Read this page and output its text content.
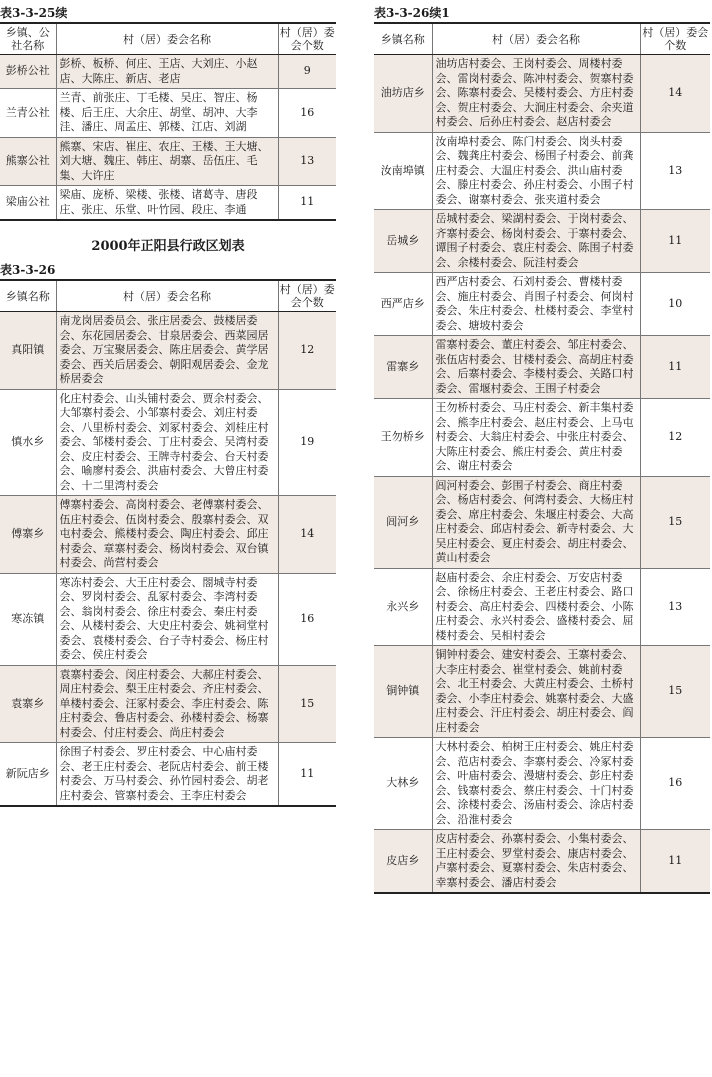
表3-3-25续
乡镇、公社名称	村（居）委会名称	村（居）委会个数
彭桥公社	彭桥、板桥、何庄、王店、大刘庄、小赵店、大陈庄、新店、老店	9
兰青公社	兰青、前张庄、丁毛楼、吴庄、智庄、杨楼、后王庄、大余庄、胡堂、胡冲、大李洼、潘庄、周孟庄、郭楼、江店、刘湖	16
熊寨公社	熊寨、宋店、崔庄、农庄、王楼、王大塘、刘大塘、魏庄、韩庄、胡寨、岳伍庄、毛集、大许庄	13
梁庙公社	梁庙、庞桥、梁楼、张楼、诸葛寺、唐段庄、张庄、乐堂、叶竹园、段庄、李通	11
2000年正阳县行政区划表
表3-3-26
乡镇名称	村（居）委会名称	村（居）委会个数
真阳镇	南龙岗居委员会、张庄居委会、鼓楼居委会、东花园居委会、甘泉居委会、西菜园居委会、万宝聚居委会、陈庄居委会、黄学居委会、西关后居委会、朝阳观居委会、金龙桥居委会	12
慎水乡	化庄村委会、山头铺村委会、贾余村委会、大邹寨村委会、小邹寨村委会、刘庄村委会、八里桥村委会、刘冢村委会、刘桂庄村委会、邹楼村委会、丁庄村委会、吴湾村委会、皮庄村委会、王牌寺村委会、台天村委会、喻廖村委会、洪庙村委会、大曾庄村委会、十二里湾村委会	19
傅寨乡	傅寨村委会、高岗村委会、老傅寨村委会、伍庄村委会、伍岗村委会、殷寨村委会、双屯村委会、熊楼村委会、陶庄村委会、邱庄村委会、章寨村委会、杨岗村委会、双台镇村委会、尚营村委会	14
寒冻镇	寒冻村委会、大王庄村委会、閤城寺村委会、罗岗村委会、乱冢村委会、李湾村委会、翁岗村委会、徐庄村委会、秦庄村委会、从楼村委会、大史庄村委会、姚祠堂村委会、袁楼村委会、台子寺村委会、杨庄村委会、侯庄村委会	16
袁寨乡	袁寨村委会、闵庄村委会、大郝庄村委会、周庄村委会、梨王庄村委会、齐庄村委会、单楼村委会、汪冢村委会、李庄村委会、陈庄村委会、鲁店村委会、孙楼村委会、杨寨村委会、付庄村委会、尚庄村委会	15
新阮店乡	徐围子村委会、罗庄村委会、中心庙村委会、老王庄村委会、老阮店村委会、前王楼村委会、万马村委会、孙竹园村委会、胡老庄村委会、管寨村委会、王李庄村委会	11
表3-3-26续1
乡镇名称	村（居）委会名称	村（居）委会个数
油坊店乡	油坊店村委会、王岗村委会、周楼村委会、雷岗村委会、陈冲村委会、贺寨村委会、陈寨村委会、吴楼村委会、方庄村委会、贺庄村委会、大涧庄村委会、余夹道村委会、后孙庄村委会、赵店村委会	14
汝南埠镇	汝南埠村委会、陈门村委会、岗头村委会、魏龚庄村委会、杨围子村委会、前龚庄村委会、大温庄村委会、洪山庙村委会、滕庄村委会、孙庄村委会、小围子村委会、谢寨村委会、张夹道村委会	13
岳城乡	岳城村委会、梁湖村委会、于岗村委会、齐寨村委会、杨岗村委会、于寨村委会、谭围子村委会、袁庄村委会、陈围子村委会、余楼村委会、阮洼村委会	11
西严店乡	西严店村委会、石刘村委会、曹楼村委会、施庄村委会、肖围子村委会、何岗村委会、朱庄村委会、杜楼村委会、李堂村委会、塘坡村委会	10
雷寨乡	雷寨村委会、董庄村委会、邹庄村委会、张伍店村委会、甘楼村委会、高胡庄村委会、后寨村委会、李楼村委会、关路口村委会、雷堰村委会、王围子村委会	11
王勿桥乡	王勿桥村委会、马庄村委会、新丰集村委会、熊李庄村委会、赵庄村委会、上马屯村委会、大翁庄村委会、中张庄村委会、大陈庄村委会、熊庄村委会、黄庄村委会、谢庄村委会	12
闾河乡	闾河村委会、彭围子村委会、商庄村委会、杨店村委会、何湾村委会、大杨庄村委会、席庄村委会、朱堰庄村委会、大高庄村委会、邱店村委会、新寺村委会、大吴庄村委会、夏庄村委会、胡庄村委会、黄山村委会	15
永兴乡	赵庙村委会、余庄村委会、万安店村委会、徐杨庄村委会、王老庄村委会、路口村委会、高庄村委会、四楼村委会、小陈庄村委会、永兴村委会、盛楼村委会、屈楼村委会、吴相村委会	13
铜钟镇	铜钟村委会、建安村委会、王寨村委会、大李庄村委会、崔堂村委会、姚前村委会、北王村委会、大黄庄村委会、土桥村委会、小李庄村委会、姚寨村委会、大盛庄村委会、汗庄村委会、胡庄村委会、阎庄村委会	15
大林乡	大林村委会、柏树王庄村委会、姚庄村委会、范店村委会、李寨村委会、冷冢村委会、叶庙村委会、漫塘村委会、彭庄村委会、钱寨村委会、蔡庄村委会、十门村委会、涂楼村委会、汤庙村委会、涂店村委会、沿淮村委会	16
皮店乡	皮店村委会、孙寨村委会、小集村委会、王庄村委会、罗堂村委会、康店村委会、卢寨村委会、夏寨村委会、朱店村委会、幸寨村委会、潘店村委会	11
